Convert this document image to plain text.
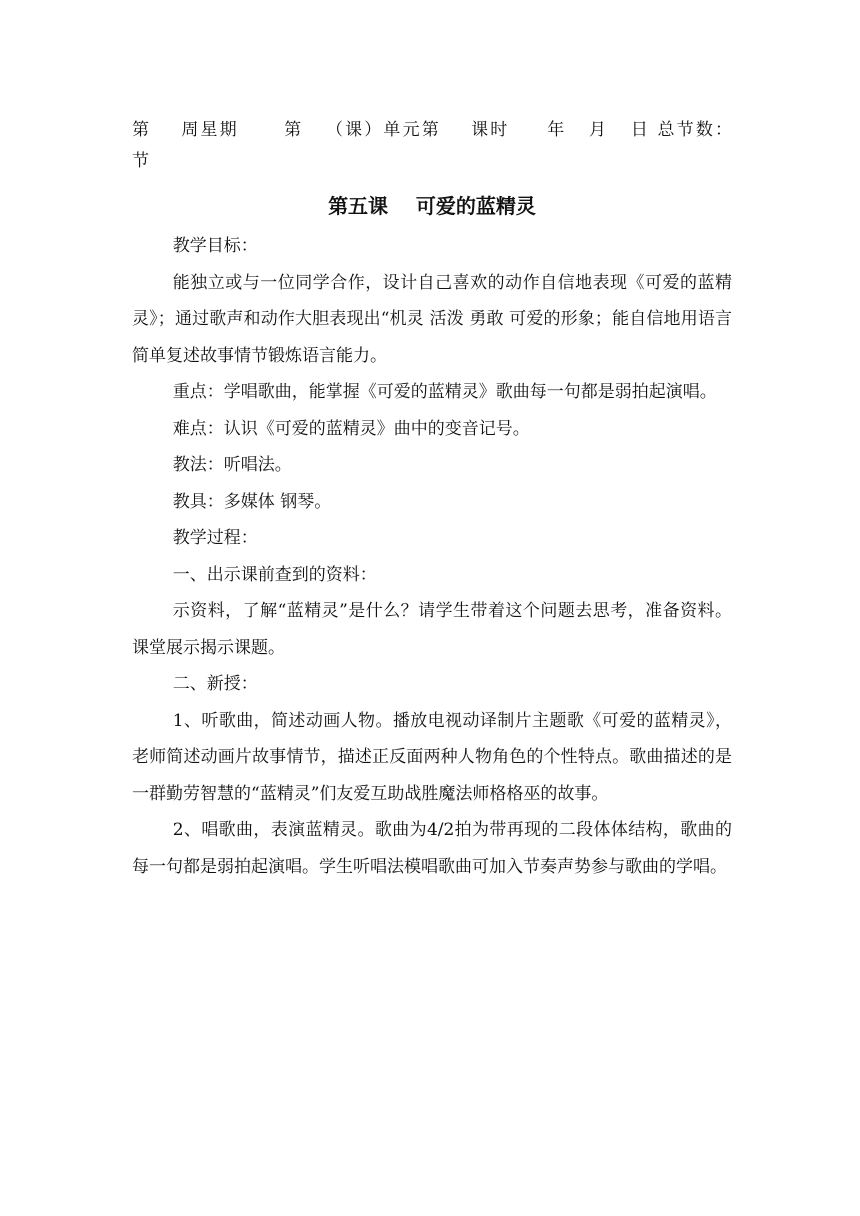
第    周星期      第   （课）单元第    课时     年   月   日 总节数：
节
第五课    可爱的蓝精灵

教学目标：

能独立或与一位同学合作，设计自己喜欢的动作自信地表现《可爱的蓝精灵》；通过歌声和动作大胆表现出“机灵 活泼 勇敢 可爱的形象；能自信地用语言简单复述故事情节锻炼语言能力。

重点：学唱歌曲，能掌握《可爱的蓝精灵》歌曲每一句都是弱拍起演唱。

难点：认识《可爱的蓝精灵》曲中的变音记号。

教法：听唱法。

教具：多媒体 钢琴。

教学过程：

一、出示课前查到的资料：

示资料，了解“蓝精灵”是什么？请学生带着这个问题去思考，准备资料。课堂展示揭示课题。

二、新授：

1、听歌曲，简述动画人物。播放电视动译制片主题歌《可爱的蓝精灵》，老师简述动画片故事情节，描述正反面两种人物角色的个性特点。歌曲描述的是一群勤劳智慧的“蓝精灵”们友爱互助战胜魔法师格格巫的故事。

2、唱歌曲，表演蓝精灵。歌曲为4/2拍为带再现的二段体体结构，歌曲的每一句都是弱拍起演唱。学生听唱法模唱歌曲可加入节奏声势参与歌曲的学唱。
